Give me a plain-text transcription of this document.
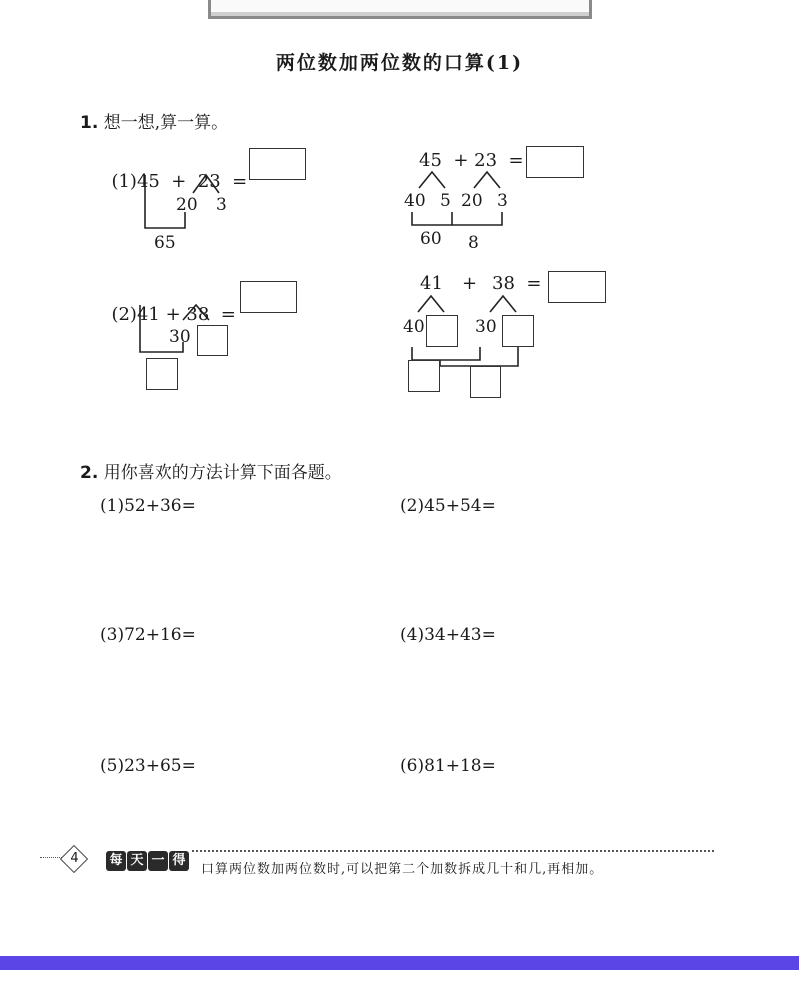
两位数加两位数的口算(1)
1. 想一想,算一算。

(1)45  +  23  =

20 3
65
45  + 23  =
40 5 20 3
60 8

(2)41 + 38  =

30
41 + 38  =
40	30
2. 用你喜欢的方法计算下面各题。
(1)52+36=	(2)45+54=
(3)72+16=	(4)34+43=
(5)23+65=	(6)81+18=
4	每 天 一 得
口算两位数加两位数时,可以把第二个加数拆成几十和几,再相加。
